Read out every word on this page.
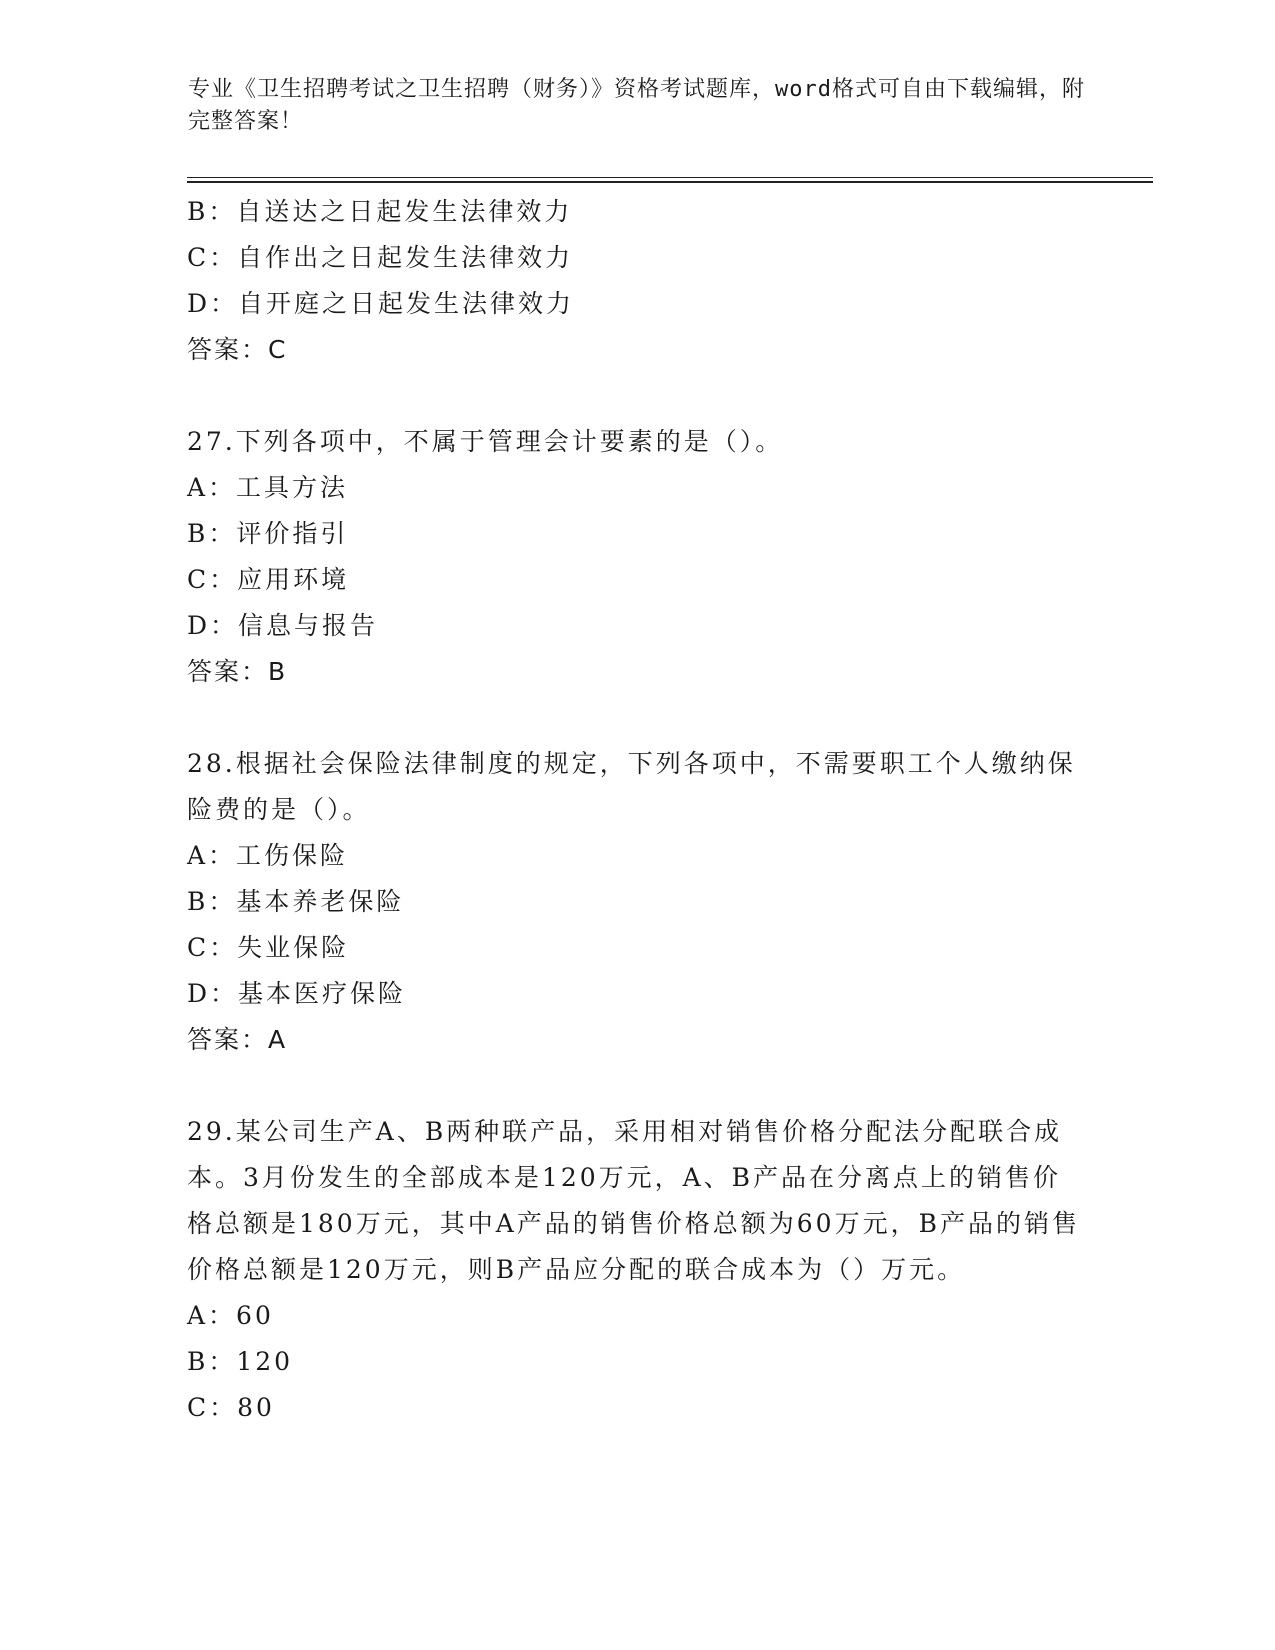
专业《卫生招聘考试之卫生招聘（财务）》资格考试题库，word格式可自由下载编辑，附完整答案！
B：自送达之日起发生法律效力
C：自作出之日起发生法律效力
D：自开庭之日起发生法律效力
答案：C
27.下列各项中，不属于管理会计要素的是（）。
A：工具方法
B：评价指引
C：应用环境
D：信息与报告
答案：B
28.根据社会保险法律制度的规定，下列各项中，不需要职工个人缴纳保险费的是（）。
A：工伤保险
B：基本养老保险
C：失业保险
D：基本医疗保险
答案：A
29.某公司生产A、B两种联产品，采用相对销售价格分配法分配联合成本。3月份发生的全部成本是120万元，A、B产品在分离点上的销售价格总额是180万元，其中A产品的销售价格总额为60万元，B产品的销售价格总额是120万元，则B产品应分配的联合成本为（）万元。
A：60
B：120
C：80
